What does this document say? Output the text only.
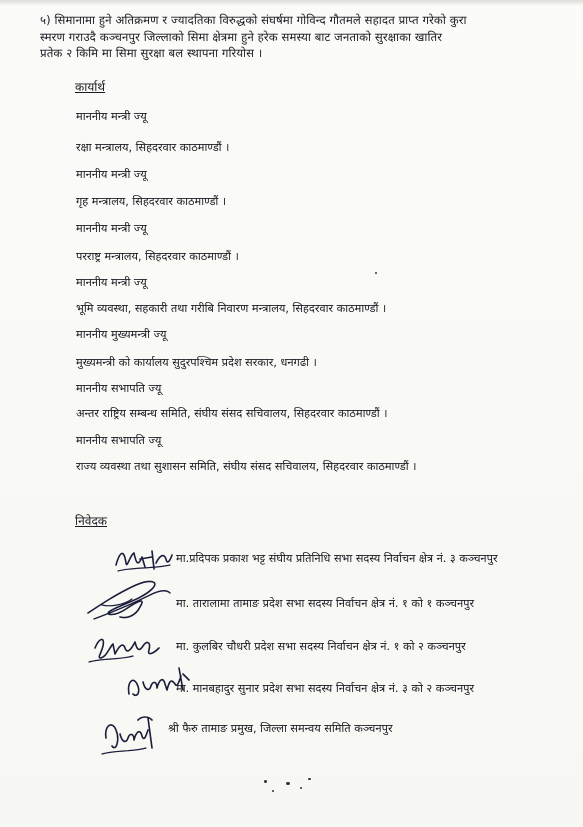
५) सिमानामा हुने अतिक्रमण र ज्यादतिका विरुद्धको संघर्षमा गोविन्द गौतमले सहादत प्राप्त गरेको कुरा
स्मरण गराउदै कञ्चनपुर जिल्लाको सिमा क्षेत्रमा हुने हरेक समस्या बाट जनताको सुरक्षाका खातिर
प्रतेक २ किमि मा सिमा सुरक्षा बल स्थापना गरियोस ।
कार्यार्थ
माननीय मन्त्री ज्यू
रक्षा मन्त्रालय, सिहदरवार काठमाण्डौं ।
माननीय मन्त्री ज्यू
गृह मन्त्रालय, सिहदरवार काठमाण्डौं ।
माननीय मन्त्री ज्यू
परराष्ट्र मन्त्रालय, सिहदरवार काठमाण्डौं ।
माननीय मन्त्री ज्यू
भूमि व्यवस्था, सहकारी तथा गरीबि निवारण मन्त्रालय, सिहदरवार काठमाण्डौं ।
माननीय मुख्यमन्त्री ज्यू
मुख्यमन्त्री को कार्यालय सुदुरपश्चिम प्रदेश सरकार, धनगढी ।
माननीय सभापति ज्यू
अन्तर राष्ट्रिय सम्बन्ध समिति, संघीय संसद सचिवालय, सिहदरवार काठमाण्डौं ।
माननीय सभापति ज्यू
राज्य व्यवस्था तथा सुशासन समिति, संघीय संसद सचिवालय, सिहदरवार काठमाण्डौं ।
निवेदक
मा.प्रदिपक प्रकाश भट्ट संघीय प्रतिनिधि सभा सदस्य निर्वाचन क्षेत्र नं. ३ कञ्चनपुर
मा. तारालामा तामाङ प्रदेश सभा सदस्य निर्वाचन क्षेत्र नं. १ को १ कञ्चनपुर
मा. कुलबिर चौधरी प्रदेश सभा सदस्य निर्वाचन क्षेत्र नं. १ को २ कञ्चनपुर
मा. मानबहादुर सुनार प्रदेश सभा सदस्य निर्वाचन क्षेत्र नं. ३ को २ कञ्चनपुर
श्री फैरु तामाङ प्रमुख, जिल्ला समन्वय समिति कञ्चनपुर
